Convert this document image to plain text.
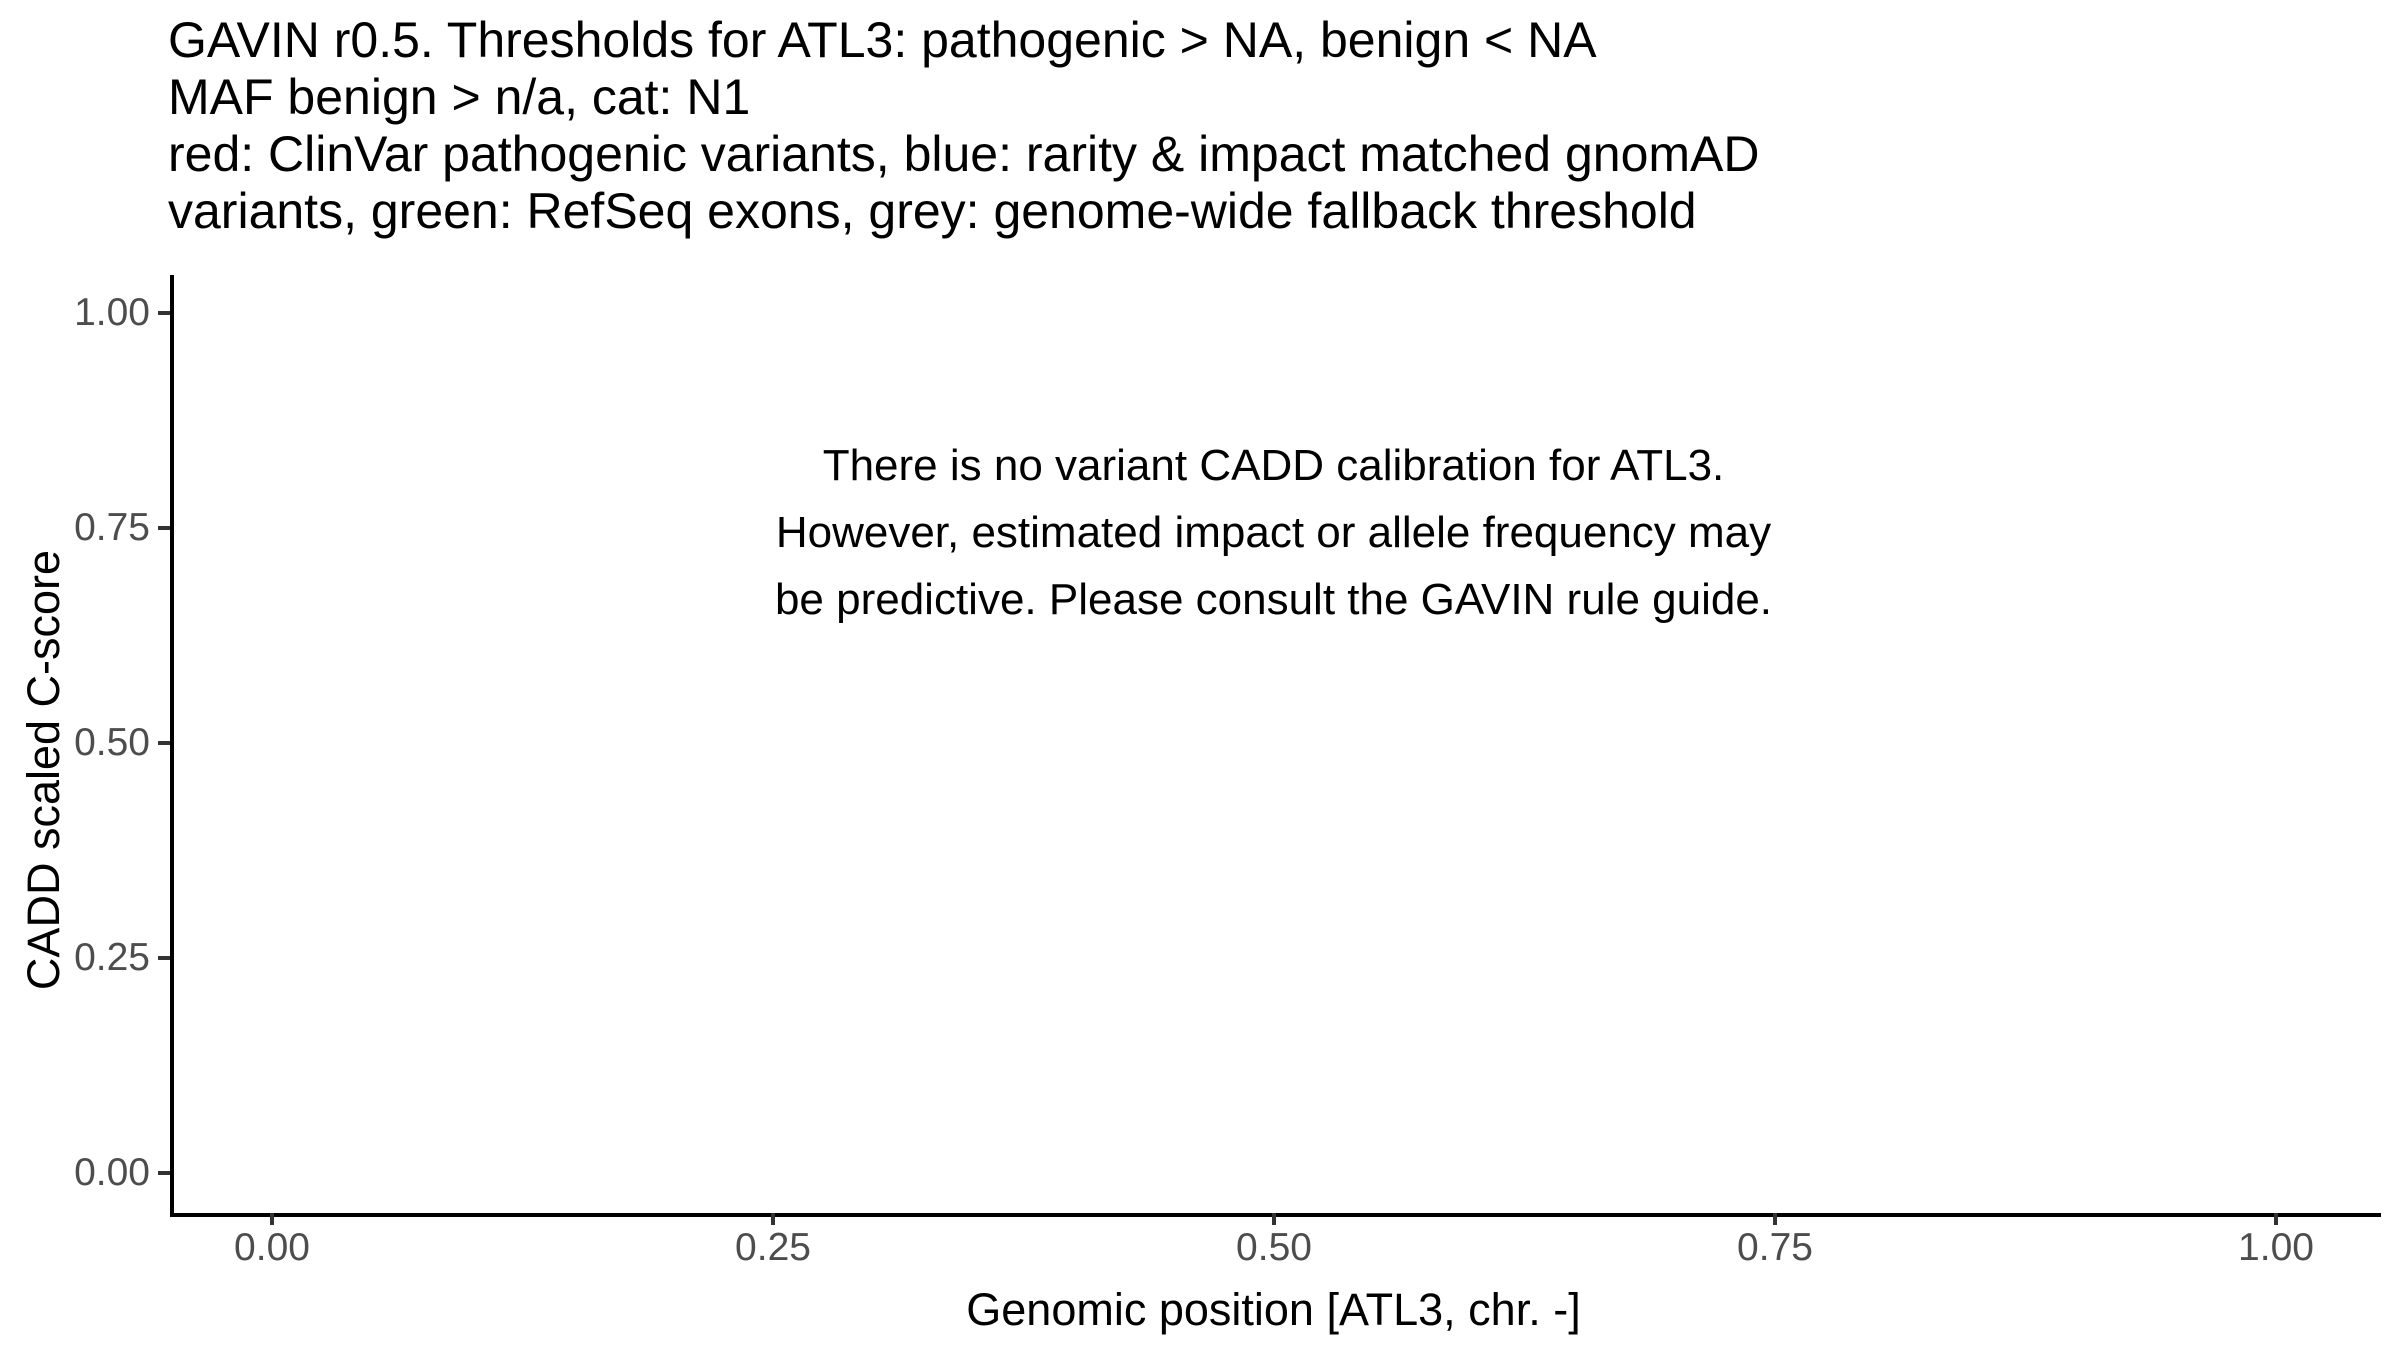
GAVIN r0.5. Thresholds for ATL3: pathogenic > NA, benign < NA
MAF benign > n/a, cat: N1
red: ClinVar pathogenic variants, blue: rarity & impact matched gnomAD
variants, green: RefSeq exons, grey: genome-wide fallback threshold
There is no variant CADD calibration for ATL3.
However, estimated impact or allele frequency may
be predictive. Please consult the GAVIN rule guide.
1.00
0.75
0.50
0.25
0.00
0.00	0.25	0.50	0.75	1.00
Genomic position [ATL3, chr. -]
CADD scaled C-score
